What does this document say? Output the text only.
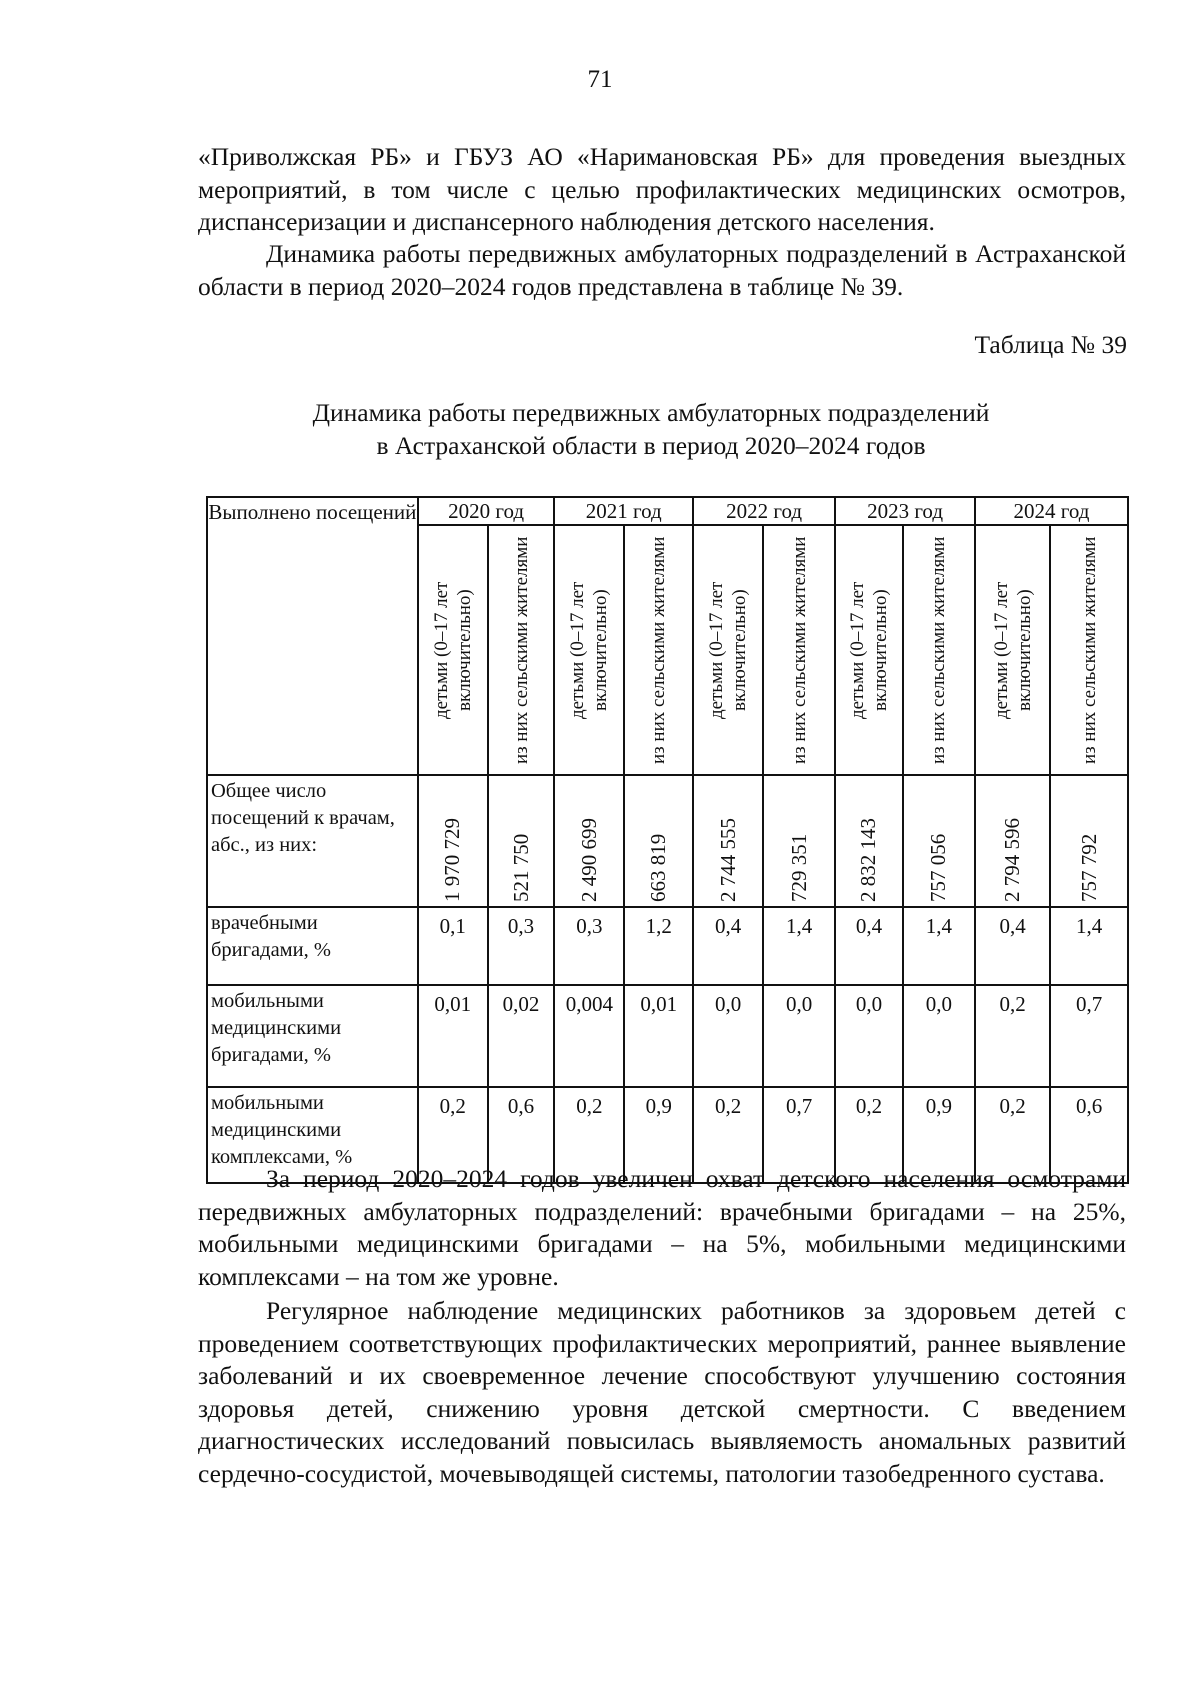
71

«Приволжская РБ» и ГБУЗ АО «Наримановская РБ» для проведения выездных мероприятий, в том числе с целью профилактических медицинских осмотров, диспансеризации и диспансерного наблюдения детского населения.

Динамика работы передвижных амбулаторных подразделений в Астраханской области в период 2020–2024 годов представлена в таблице № 39.

Таблица № 39
Динамика работы передвижных амбулаторных подразделений
в Астраханской области в период 2020–2024 годов
Выполнено посещений	2020 год		2021 год		2022 год		2023 год		2024 год	

	детьми (0–17 лет включительно)	из них сельскими жителями	детьми (0–17 лет включительно)	из них сельскими жителями	детьми (0–17 лет включительно)	из них сельскими жителями	детьми (0–17 лет включительно)	из них сельскими жителями	детьми (0–17 лет включительно)	из них сельскими жителями

Общее число посещений к врачам, абс., из них:	1 970 729	521 750	2 490 699	663 819	2 744 555	729 351	2 832 143	757 056	2 794 596	757 792

врачебными бригадами, %	0,1	0,3	0,3	1,2	0,4	1,4	0,4	1,4	0,4	1,4
мобильными медицинскими бригадами, %	0,01	0,02	0,004	0,01	0,0	0,0	0,0	0,0	0,2	0,7
мобильными медицинскими комплексами, %	0,2	0,6	0,2	0,9	0,2	0,7	0,2	0,9	0,2	0,6

За период 2020–2024 годов увеличен охват детского населения осмотрами передвижных амбулаторных подразделений: врачебными бригадами – на 25%, мобильными медицинскими бригадами – на 5%, мобильными медицинскими комплексами – на том же уровне.

Регулярное наблюдение медицинских работников за здоровьем детей с проведением соответствующих профилактических мероприятий, раннее выявление заболеваний и их своевременное лечение способствуют улучшению состояния здоровья детей, снижению уровня детской смертности. С введением диагностических исследований повысилась выявляемость аномальных развитий сердечно-сосудистой, мочевыводящей системы, патологии тазобедренного сустава.
